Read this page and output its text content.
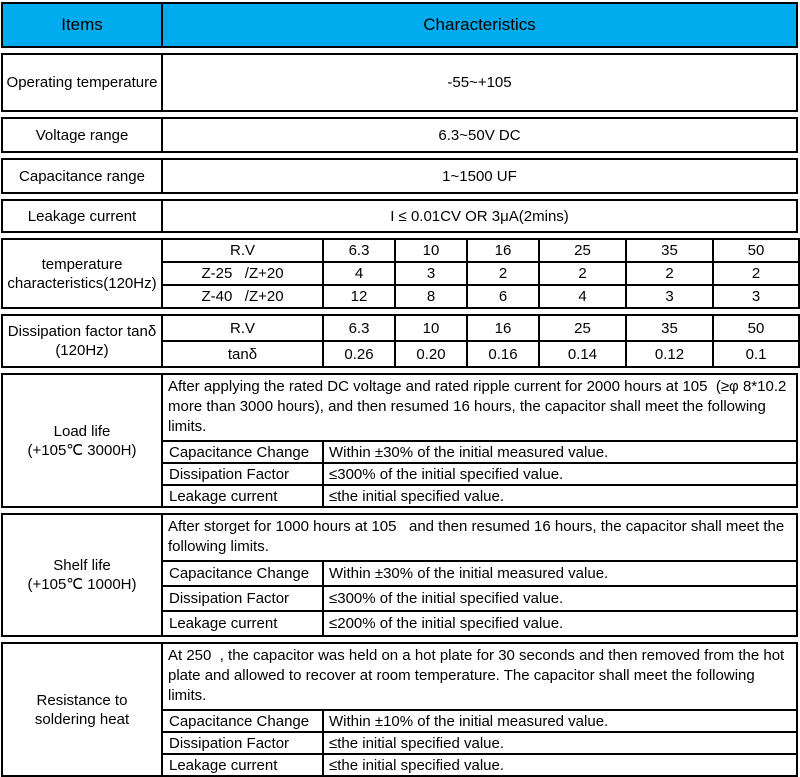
Items	Characteristics
Operating temperature	-55~+105
Voltage range	6.3~50V DC
Capacitance range	1~1500 UF
Leakage current	I ≤ 0.01CV OR 3μA(2mins)
temperature
characteristics(120Hz)	R.V	6.3	10	16	25	35	50
	Z-25   /Z+20	4	3	2	2	2	2
	Z-40   /Z+20	12	8	6	4	3	3
Dissipation factor tanδ
(120Hz)	R.V	6.3	10	16	25	35	50
	tanδ	0.26	0.20	0.16	0.14	0.12	0.1
Load life
(+105℃ 3000H)	After applying the rated DC voltage and rated ripple current for 2000 hours at 105  (≥φ 8*10.2 more than 3000 hours), and then resumed 16 hours, the capacitor shall meet the following limits.	
	Capacitance Change	Within ±30% of the initial measured value.
	Dissipation Factor	≤300% of the initial specified value.
	Leakage current	≤the initial specified value.
Shelf life
(+105℃ 1000H)	After storget for 1000 hours at 105   and then resumed 16 hours, the capacitor shall meet the following limits.	
	Capacitance Change	Within ±30% of the initial measured value.
	Dissipation Factor	≤300% of the initial specified value.
	Leakage current	≤200% of the initial specified value.
Resistance to
soldering heat	At 250  , the capacitor was held on a hot plate for 30 seconds and then removed from the hot plate and allowed to recover at room temperature. The capacitor shall meet the following limits.	
	Capacitance Change	Within ±10% of the initial measured value.
	Dissipation Factor	≤the initial specified value.
	Leakage current	≤the initial specified value.
